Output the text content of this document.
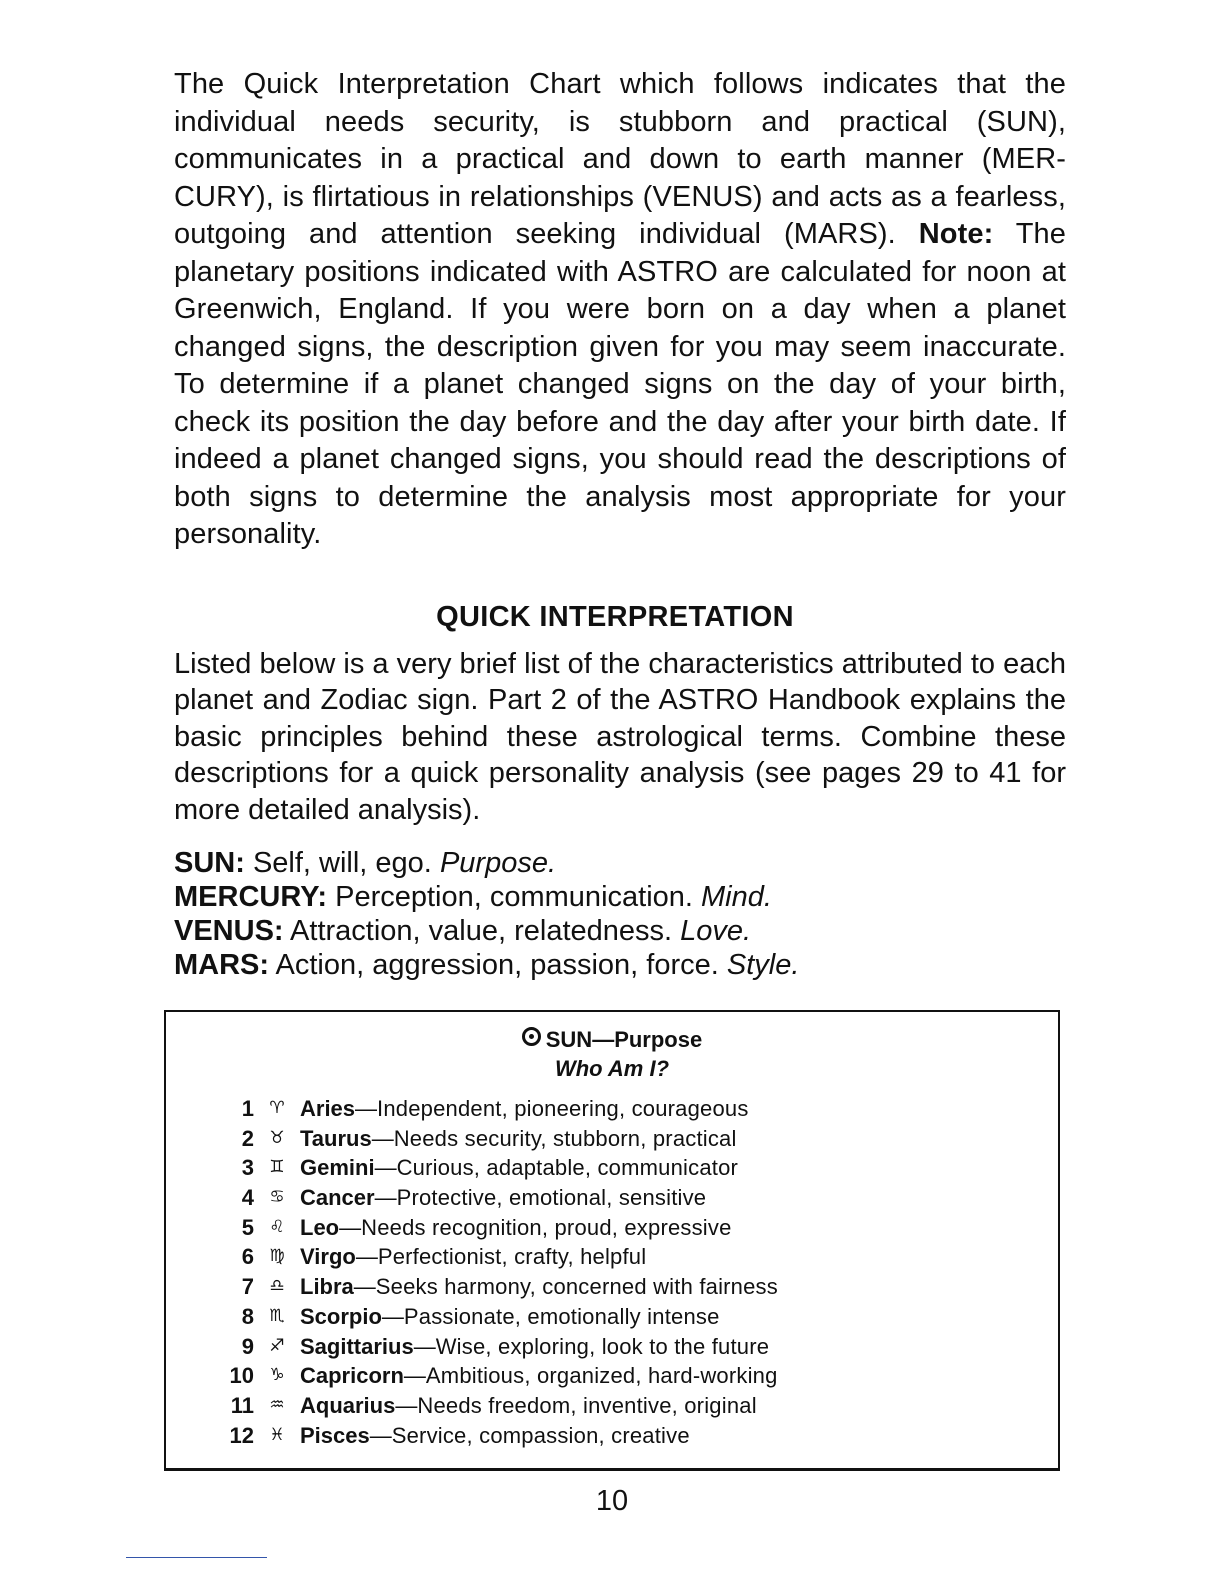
The Quick Interpretation Chart which follows indicates that the individual needs security, is stubborn and practical (SUN), communicates in a practical and down to earth manner (MER-CURY), is flirtatious in relationships (VENUS) and acts as a fearless, outgoing and attention seeking individual (MARS). Note: The planetary positions indicated with ASTRO are calculated for noon at Greenwich, England. If you were born on a day when a planet changed signs, the description given for you may seem inaccurate. To determine if a planet changed signs on the day of your birth, check its position the day before and the day after your birth date. If indeed a planet changed signs, you should read the descriptions of both signs to determine the analysis most appropriate for your personality.

QUICK INTERPRETATION

Listed below is a very brief list of the characteristics attributed to each planet and Zodiac sign. Part 2 of the ASTRO Handbook explains the basic principles behind these astrological terms. Combine these descriptions for a quick personality analysis (see pages 29 to 41 for more detailed analysis).

SUN: Self, will, ego. Purpose.
MERCURY: Perception, communication. Mind.
VENUS: Attraction, value, relatedness. Love.
MARS: Action, aggression, passion, force. Style.
SUN—Purpose
Who Am I?
1 ♈ Aries—Independent, pioneering, courageous
2 ♉ Taurus—Needs security, stubborn, practical
3 ♊ Gemini—Curious, adaptable, communicator
4 ♋ Cancer—Protective, emotional, sensitive
5 ♌ Leo—Needs recognition, proud, expressive
6 ♍ Virgo—Perfectionist, crafty, helpful
7 ♎ Libra—Seeks harmony, concerned with fairness
8 ♏ Scorpio—Passionate, emotionally intense
9 ♐ Sagittarius—Wise, exploring, look to the future
10 ♑ Capricorn—Ambitious, organized, hard-working
11 ♒ Aquarius—Needs freedom, inventive, original
12 ♓ Pisces—Service, compassion, creative
10
